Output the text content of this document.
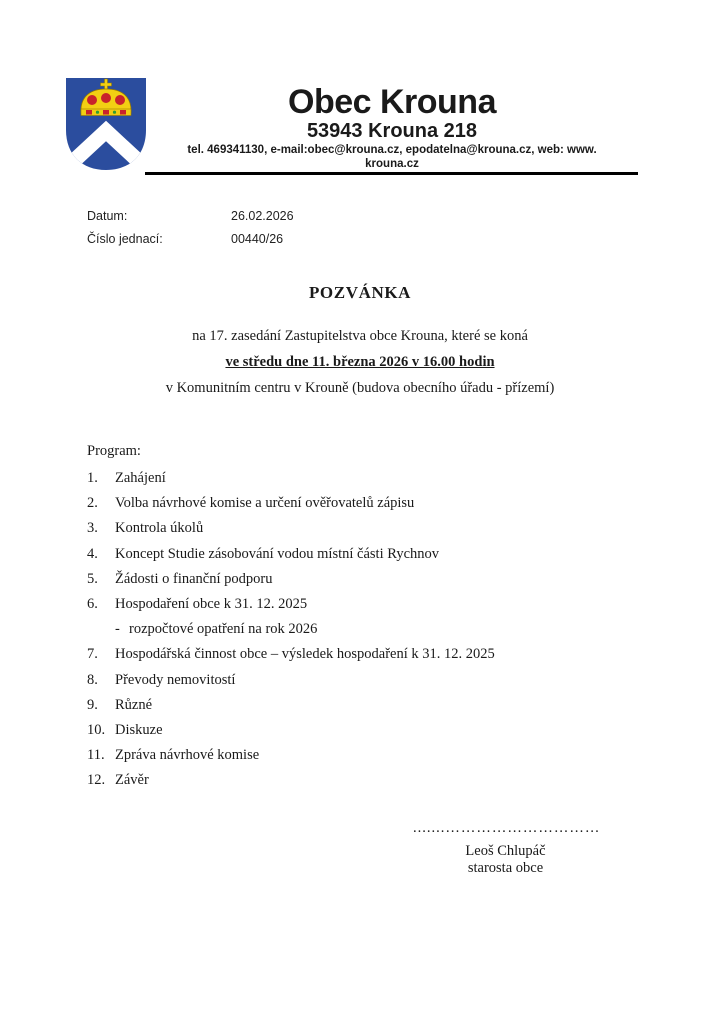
Obec Krouna
53943 Krouna 218
tel. 469341130, e-mail:obec@krouna.cz, epodatelna@krouna.cz, web: www.
krouna.cz
Datum:	26.02.2026
Číslo jednací:	00440/26
POZVÁNKA
na 17. zasedání Zastupitelstva obce Krouna, které se koná
ve středu dne 11. března 2026 v 16.00 hodin
v Komunitním centru v Krouně (budova obecního úřadu - přízemí)
Program:
1. Zahájení
2. Volba návrhové komise a určení ověřovatelů zápisu
3. Kontrola úkolů
4. Koncept Studie zásobování vodou místní části Rychnov
5. Žádosti o finanční podporu
6. Hospodaření obce k 31. 12. 2025
- rozpočtové opatření na rok 2026
7. Hospodářská činnost obce – výsledek hospodaření k 31. 12. 2025
8. Převody nemovitostí
9. Různé
10. Diskuze
11. Zpráva návrhové komise
12. Závěr
.......…………………………
Leoš Chlupáč
starosta obce
